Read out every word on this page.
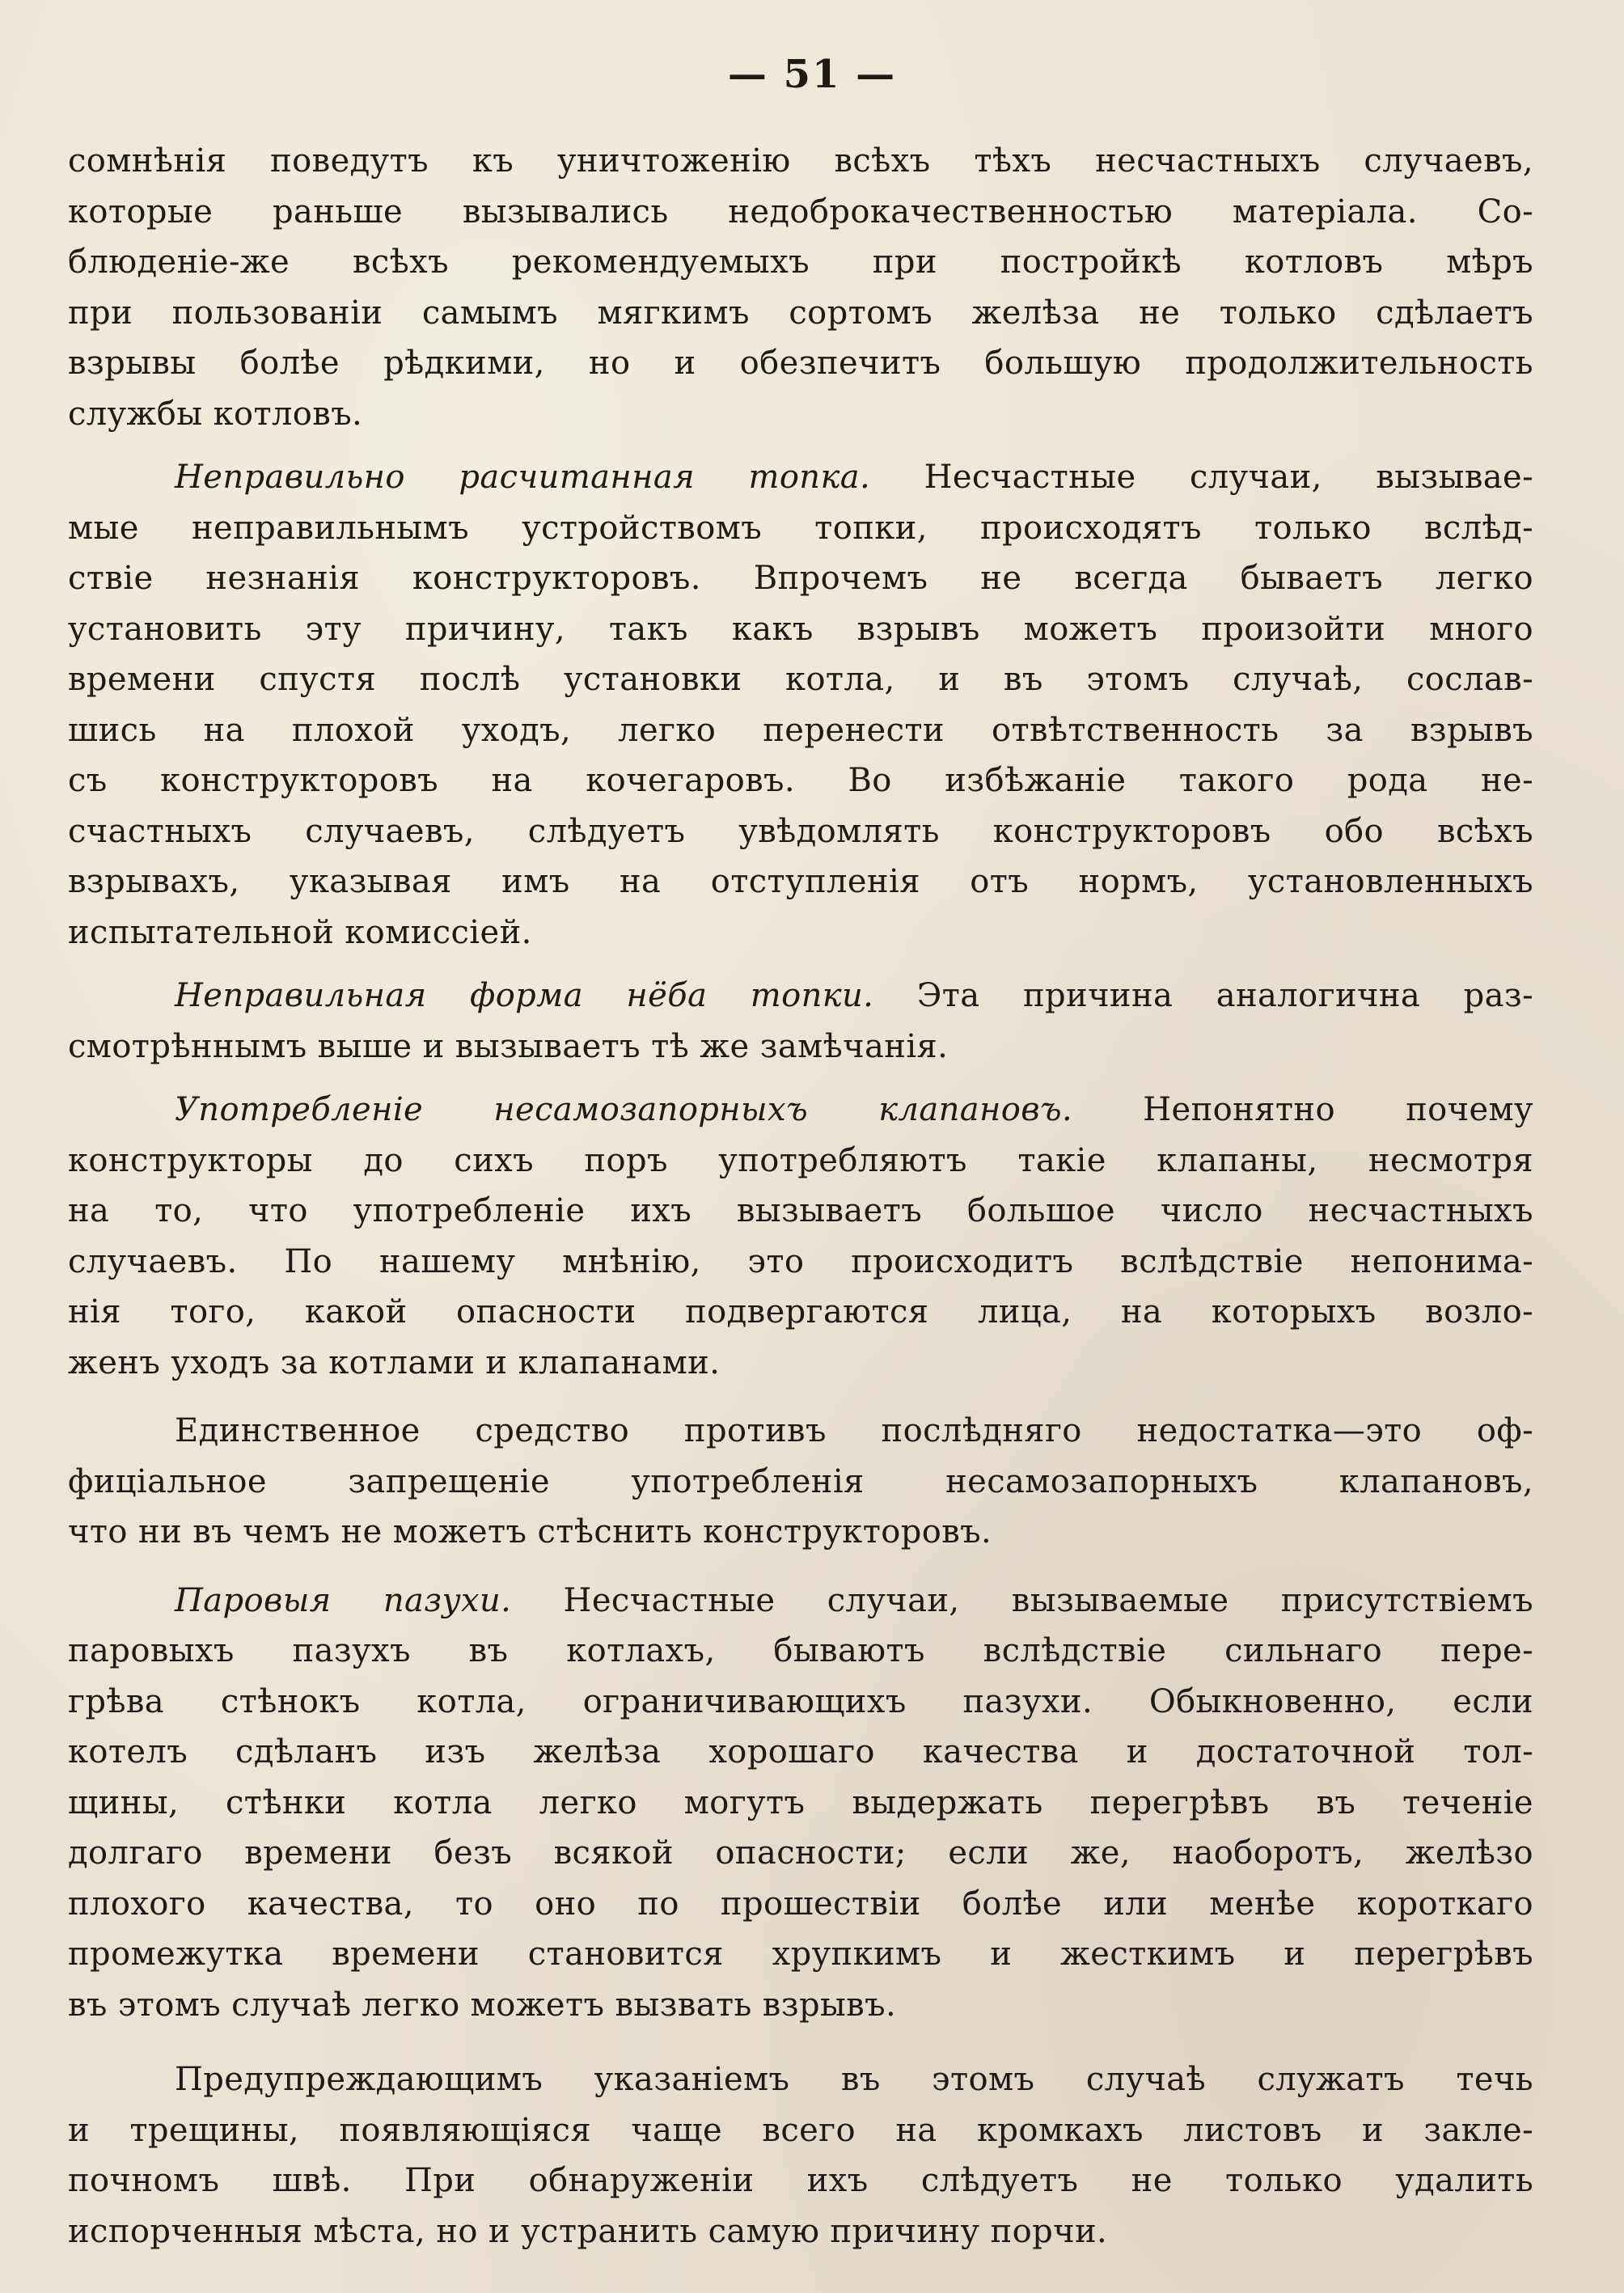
— 51 —
сомнѣнія поведутъ къ уничтоженію всѣхъ тѣхъ несчастныхъ случаевъ,
которые раньше вызывались недоброкачественностью матеріала. Со-
блюденіе-же всѣхъ рекомендуемыхъ при постройкѣ котловъ мѣръ
при пользованіи самымъ мягкимъ сортомъ желѣза не только сдѣлаетъ
взрывы болѣе рѣдкими, но и обезпечитъ большую продолжительность
службы котловъ.
Неправильно расчитанная топка. Несчастные случаи, вызывае-
мые неправильнымъ устройствомъ топки, происходятъ только вслѣд-
ствіе незнанія конструкторовъ. Впрочемъ не всегда бываетъ легко
установить эту причину, такъ какъ взрывъ можетъ произойти много
времени спустя послѣ установки котла, и въ этомъ случаѣ, сослав-
шись на плохой уходъ, легко перенести отвѣтственность за взрывъ
съ конструкторовъ на кочегаровъ. Во избѣжаніе такого рода не-
счастныхъ случаевъ, слѣдуетъ увѣдомлять конструкторовъ обо всѣхъ
взрывахъ, указывая имъ на отступленія отъ нормъ, установленныхъ
испытательной комиссіей.
Неправильная форма нёба топки. Эта причина аналогична раз-
смотрѣннымъ выше и вызываетъ тѣ же замѣчанія.
Употребленіе несамозапорныхъ клапановъ. Непонятно почему
конструкторы до сихъ поръ употребляютъ такіе клапаны, несмотря
на то, что употребленіе ихъ вызываетъ большое число несчастныхъ
случаевъ. По нашему мнѣнію, это происходитъ вслѣдствіе непонима-
нія того, какой опасности подвергаются лица, на которыхъ возло-
женъ уходъ за котлами и клапанами.
Единственное средство противъ послѣдняго недостатка—это оф-
фиціальное запрещеніе употребленія несамозапорныхъ клапановъ,
что ни въ чемъ не можетъ стѣснить конструкторовъ.
Паровыя пазухи. Несчастные случаи, вызываемые присутствіемъ
паровыхъ пазухъ въ котлахъ, бываютъ вслѣдствіе сильнаго пере-
грѣва стѣнокъ котла, ограничивающихъ пазухи. Обыкновенно, если
котелъ сдѣланъ изъ желѣза хорошаго качества и достаточной тол-
щины, стѣнки котла легко могутъ выдержать перегрѣвъ въ теченіе
долгаго времени безъ всякой опасности; если же, наоборотъ, желѣзо
плохого качества, то оно по прошествіи болѣе или менѣе короткаго
промежутка времени становится хрупкимъ и жесткимъ и перегрѣвъ
въ этомъ случаѣ легко можетъ вызвать взрывъ.
Предупреждающимъ указаніемъ въ этомъ случаѣ служатъ течь
и трещины, появляющіяся чаще всего на кромкахъ листовъ и закле-
почномъ швѣ. При обнаруженіи ихъ слѣдуетъ не только удалить
испорченныя мѣста, но и устранить самую причину порчи.
